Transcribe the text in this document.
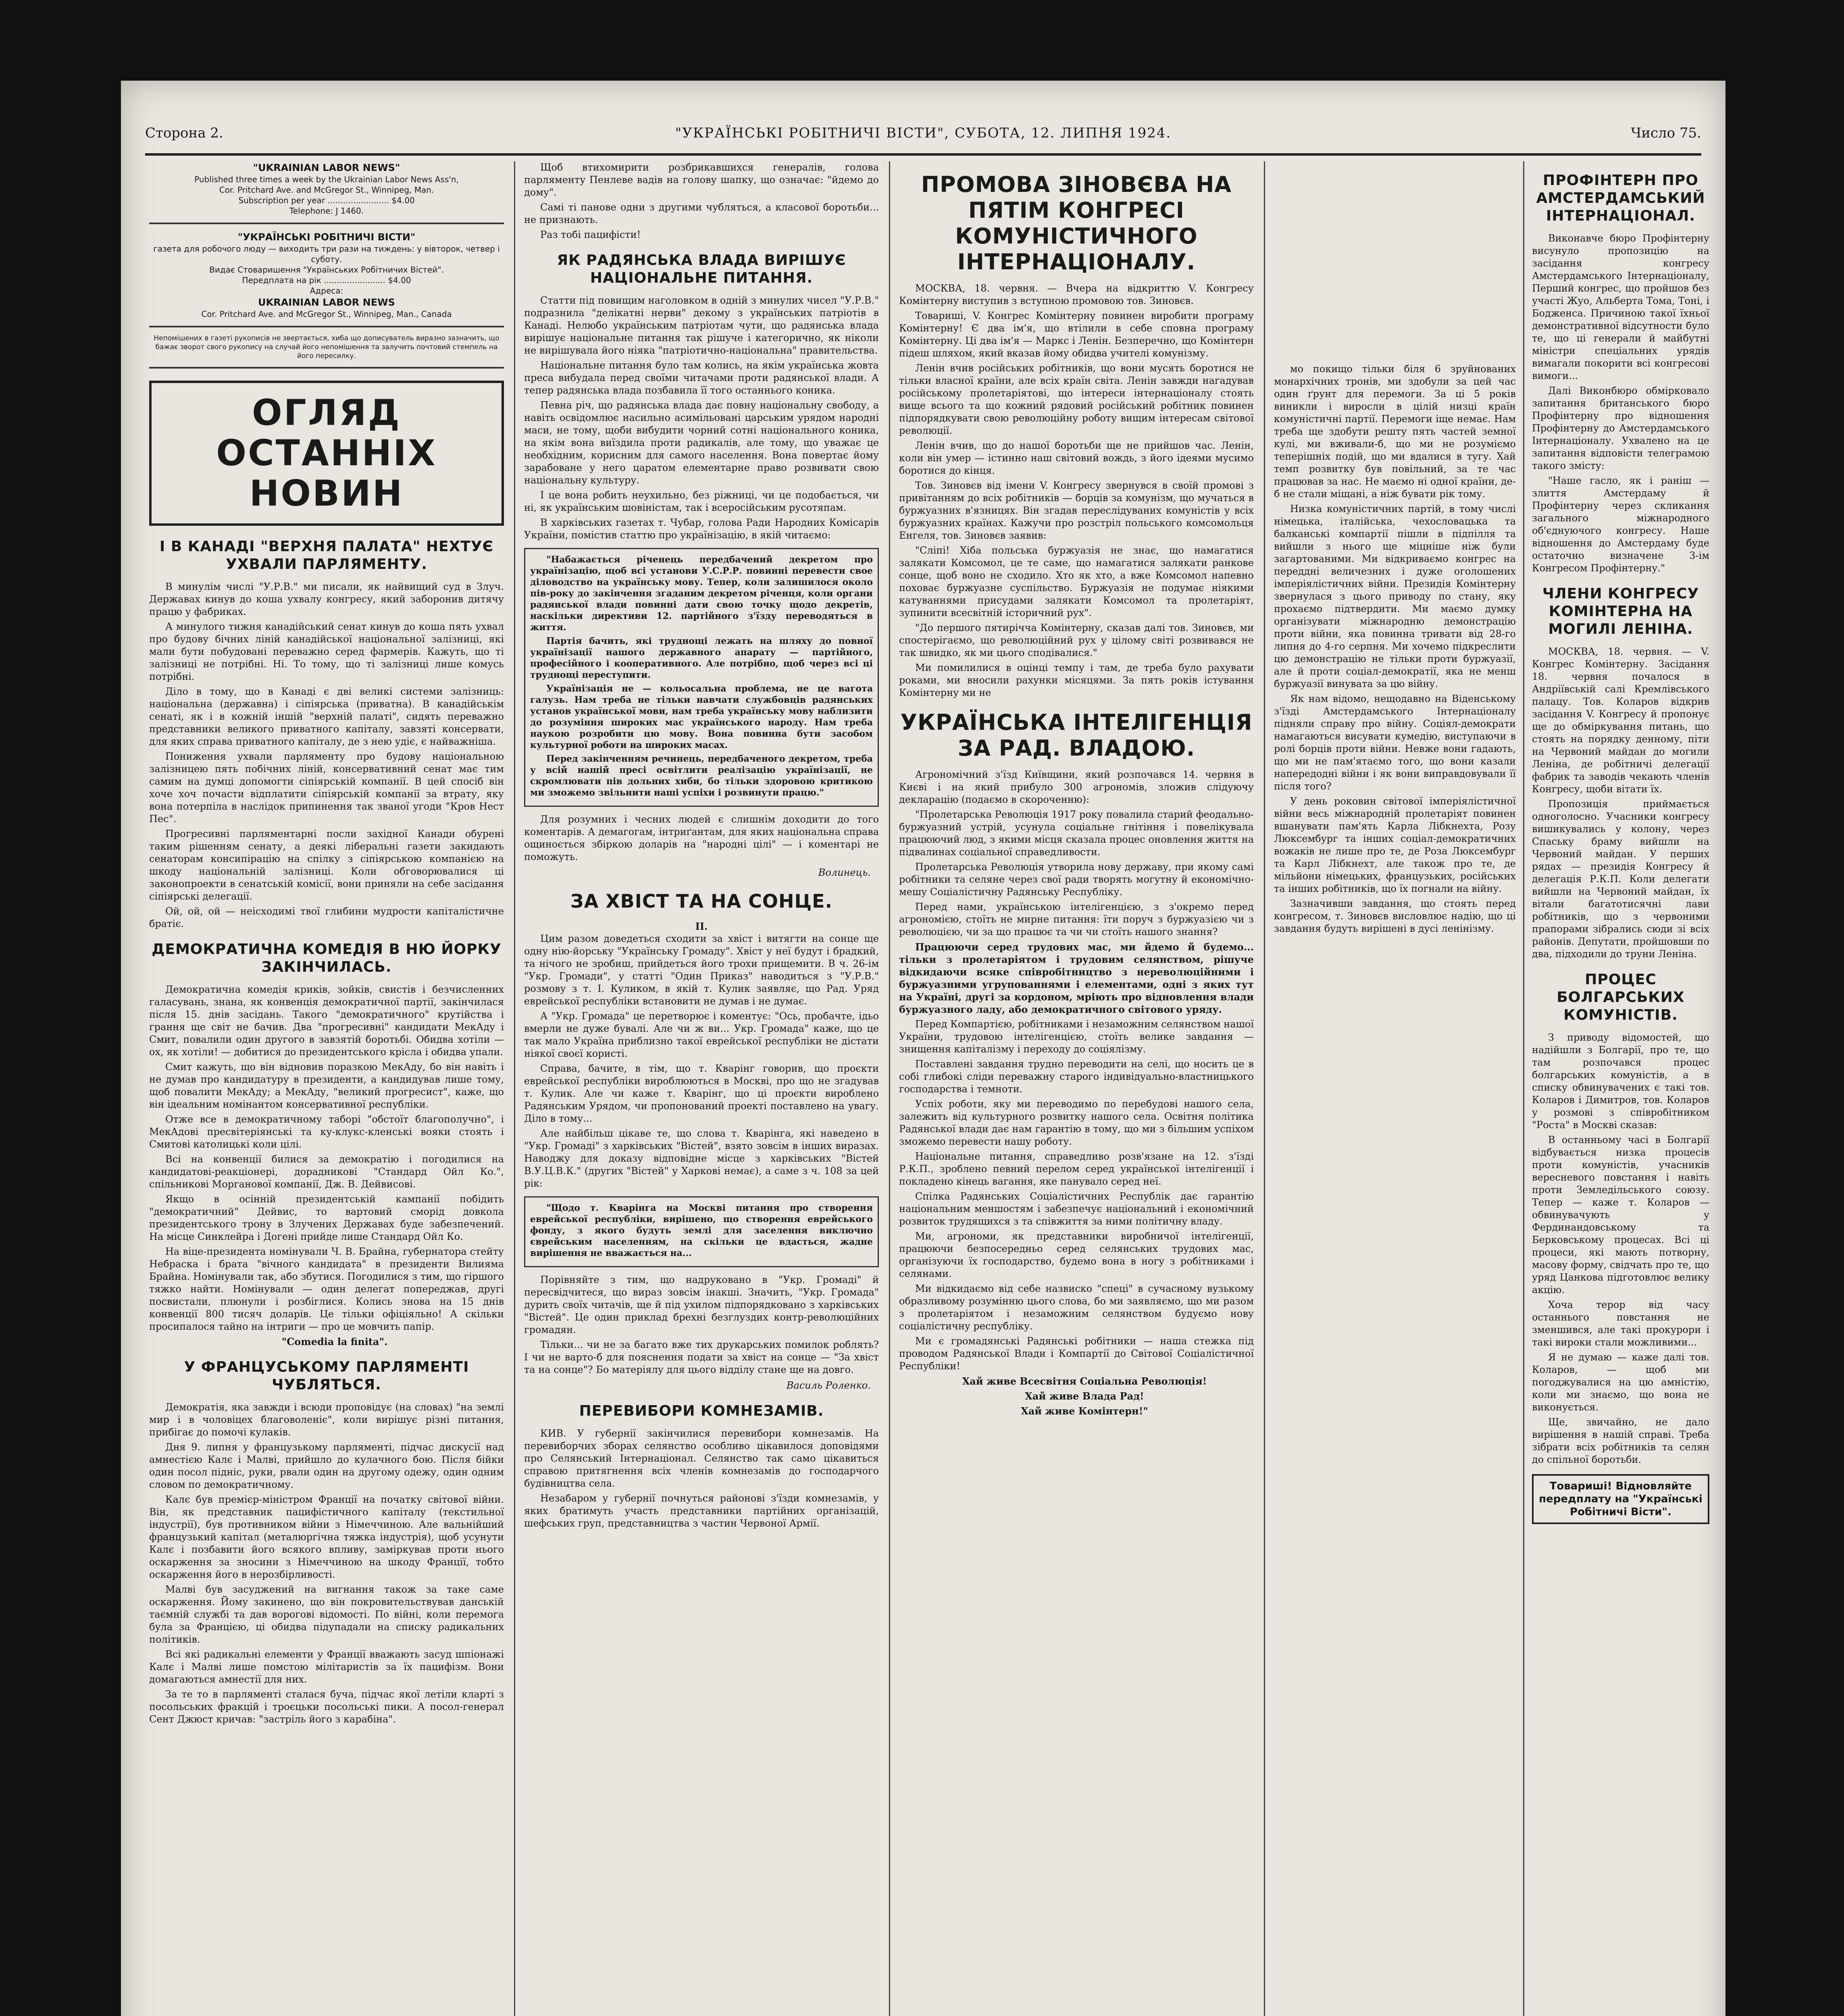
Сторона 2.	"УКРАЇНСЬКІ РОБІТНИЧІ ВІСТИ", СУБОТА, 12. ЛИПНЯ 1924.	Число 75.
"UKRAINIAN LABOR NEWS"
Published three times a week by the Ukrainian Labor News Ass'n,
Cor. Pritchard Ave. and McGregor St., Winnipeg, Man.
Subscription per year ........................ $4.00
Telephone: J 1460.
"УКРАЇНСЬКІ РОБІТНИЧІ ВІСТИ"
газета для робочого люду — виходить три рази на тиждень: у вівторок, четвер і суботу.
Видає Стоваришення "Українських Робітничих Вістей".
Передплата на рік ........................ $4.00
Адреса:
UKRAINIAN LABOR NEWS
Cor. Pritchard Ave. and McGregor St., Winnipeg, Man., Canada
Непомішених в газеті рукописів не звертається, хиба що дописуватель виразно зазначить, що бажає зворот свого рукопису на случай його непомішення та залучить почтовий стемпель на його пересилку.
ОГЛЯД ОСТАННІХ НОВИН
І В КАНАДІ "ВЕРХНЯ ПАЛАТА" НЕХТУЄ УХВАЛИ ПАРЛЯМЕНТУ.

В минулім числі "У.Р.В." ми писали, як найвищий суд в Злуч. Державах кинув до коша ухвалу конгресу, який заборонив дитячу працю у фабриках.

А минулого тижня канадійський сенат кинув до коша пять ухвал про будову бічних ліній канадійської національної залізниці, які мали бути побудовані переважно серед фармерів. Кажуть, що ті залізниці не потрібні. Ні. То тому, що ті залізниці лише комусь потрібні.

Діло в тому, що в Канаді є дві великі системи залізниць: національна (державна) і сіпіярська (приватна). В канадійськім сенаті, як і в кожній іншій "верхній палаті", сидять переважно представники великого приватного капіталу, завзяті консервати, для яких справа приватного капіталу, де з нею удіє, є найважніша.

Пониження ухвали парляменту про будову національною залізницею пять побічних ліній, консервативний сенат має тим самим на думці допомогти сіпіярській компанії. В цей спосіб він хоче хоч почасти відплатити сіпіярській компанії за втрату, яку вона потерпіла в наслідок припинення так званої угоди "Кров Неcт Пес".

Прогресивні парляментарні посли західної Канади обурені таким рішенням сенату, а деякі ліберальні газети закидають сенаторам консипірацію на спілку з сіпіярською компанією на шкоду національній залізниці. Коли обговорювалися ці законопроекти в сенатській комісії, вони приняли на себе засідання сіпіярські делегації.

Ой, ой, ой — неісходимі твої глибини мудрости капіталістичне братіє.

ДЕМОКРАТИЧНА КОМЕДІЯ В НЮ ЙОРКУ ЗАКІНЧИЛАСЬ.

Демократична комедія криків, зойків, свистів і безчисленних галасувань, знана, як конвенція демократичної партії, закінчилася після 15. днів засідань. Такого "демократичного" крутійства і грання ще світ не бачив. Два "прогресивні" кандидати МекАду і Смит, повалили один другого в завзятій боротьбі. Обидва хотіли — ох, як хотіли! — добитися до президентського крісла і обидва упали.

Смит кажуть, що він відновив поразкою МекАду, бо він навіть і не думав про кандидатуру в президенти, а кандидував лише тому, щоб повалити МекАду; а МекАду, "великий прогресист", каже, що він ідеальним номінантом консервативної республіки.

Отже все в демократичному таборі "обстоїт благополучно", і МекАдові пресвітеріянські та ку-клукс-кленські вояки стоять і Смитові католицькі коли цілі.

Всі на конвенції билися за демократію і погодилися на кандидатові-реакціонері, дорадникові "Стандард Ойл Ко.", спільникові Морганової компанії, Дж. В. Дейвисові.

Якщо в осінній президентській кампанії побідить "демократичний" Дейвис, то вартовий сморід довкола президентського трону в Злучених Державах буде забезпечений. На місце Синклейра і Догені прийде лише Стандард Ойл Ко.

На віце-президента номінували Ч. В. Брайна, губернатора стейту Небраска і брата "вічного кандидата" в президенти Вилияма Брайна. Номінували так, або збутися. Погодилися з тим, що гіршого тяжко найти. Номінували — один делегат попереджав, другі посвистали, плюнули і розбіглися. Колись знова на 15 днів конвенції 800 тисяч доларів. Це тільки офіціяльно! А скільки просипалося тайно на інтриги — про це мовчить папір.

"Comedia la finita".

У ФРАНЦУСЬКОМУ ПАРЛЯМЕНТІ ЧУБЛЯТЬСЯ.

Демократія, яка завжди і всюди проповідує (на словах) "на землі мир і в чоловіцех благоволеніє", коли вирішує різні питання, прибігає до помочі кулаків.

Дня 9. липня у французькому парляменті, підчас дискусії над амнестією Калє і Малві, прийшло до кулачного бою. Після бійки один посол підніс, руки, рвали один на другому одежу, один одним словом по демократичному.

Калє був премієр-міністром Франції на початку світової війни. Він, як представник пацифістичного капіталу (текстильної індустрії), був противником війни з Німеччиною. Але вальнійший французький капітал (металюргічна тяжка індустрія), щоб усунути Калє і позбавити його всякого впливу, заміркував проти нього оскарження за зносини з Німеччиною на шкоду Франції, тобто оскарження його в нерозбірливості.

Малві був засуджений на вигнання також за таке саме оскарження. Йому закинено, що він покровительствував данській таємній службі та дав ворогові відомості. По війні, коли перемога була за Францією, ці обидва підупадали на списку радикальних політиків.

Всі які радикальні елементи у Франції вважають засуд шпіонажі Калє і Малві лише помстою мілітаристів за їх пацифізм. Вони домагаються амнестії для них.

За те то в парляменті сталася буча, підчас якої летіли кларті з посольських фракцій і троєцьки посольські пики. А посол-генерал Сент Джюст кричав: "застріль його з карабіна".

Щоб втихомирити розбрикавшихся генералів, голова парляменту Пенлеве вадів на голову шапку, що означає: "йдемо до дому".

Самі ті панове одни з другими чубляться, а класової боротьби... не признають.

Раз тобі пацифісти!

ЯК РАДЯНСЬКА ВЛАДА ВИРІШУЄ НАЦІОНАЛЬНЕ ПИТАННЯ.

Статти під повищим наголовком в одній з минулих чисел "У.Р.В." подразнила "делікатні нерви" декому з українських патріотів в Канаді. Нелюбо українським патріотам чути, що радянська влада вирішує національне питання так рішуче і категорично, як ніколи не вирішувала його ніяка "патріотично-національна" правительства.

Національне питання було там колись, на якім українська жовта преса вибудала перед своїми читачами проти радянської влади. А тепер радянська влада позбавила її того останнього коника.

Певна річ, що радянська влада дає повну національну свободу, а навіть освідомлює насильно асимільовані царським урядом народні маси, не тому, щоби вибудити чорний сотні національного коника, на якім вона виїздила проти радикалів, але тому, що уважає це необхідним, корисним для самого населення. Вона повертає йому зарабоване у него царатом елементарне право розвивати свою національну культуру.

І це вона робить неухильно, без ріжниці, чи це подобається, чи ні, як українським шовіністам, так і всеросійським русотяпам.

В харківських газетах т. Чубар, голова Ради Народних Комісарів України, помістив статтю про українізацію, в якій читаємо:

"Набажається річенець передбачений декретом про українізацію, щоб всі установи У.С.Р.Р. повинні перевести свое діловодство на українську мову. Тепер, коли залишилося около пів-року до закінчення згаданим декретом річенця, коли органи радянської влади повинні дати свою точку щодо декретів, наскільки директиви 12. партійного з'їзду переводяться в життя.

Партія бачить, які труднощі лежать на шляху до повної українізації нашого державного апарату — партійного, професійного і кооперативного. Але потрібно, щоб через всі ці труднощі переступити.

Українізація не — кольосальна проблема, не це вагота галузь. Нам треба не тільки навчати службовців радянських установ української мови, нам треба українську мову наблизити до розуміння широких мас українського народу. Нам треба наукою розробити цю мову. Вона повинна бути засобом культурної роботи на широких масах.

Перед закінченням речинець, передбаченого декретом, треба у всій нашій пресі освітлити реалізацію українізації, не скромлювати пів дольних хиби, бо тільки здоровою критикою ми зможемо звільнити наші успіхи і розвинути працю."

Для розумних і чесних людей є слишнім доходити до того коментарів. А демагогам, інтриґантам, для яких національна справа ощиноється збіркою доларів на "народні цілі" — і коментарі не поможуть.

Волинець.
ЗА ХВІСТ ТА НА СОНЦЕ.
II.

Цим разом доведеться сходити за хвіст і витягти на сонце ще одну нію-йорську "Українську Громаду". Хвіст у неї будут і брадкий, та нічого не зробиш, прийдеться його трохи прищемити. В ч. 26-ім "Укр. Громади", у статті "Один Приказ" наводиться з "У.Р.В." розмову з т. І. Куликом, в якій т. Кулик заявляє, що Рад. Уряд еврейської республіки встановити не думав і не думає.

А "Укр. Громада" це перетворює і коментує: "Ось, пробачте, ідьо вмерли не дуже бувалі. Але чи ж ви... Укр. Громада" каже, що це так мало Україна приблизно такої еврейської республіки не дістати ніякої своєї користі.

Справа, бачите, в тім, що т. Кварінг говорив, що проєкти еврейської республіки вироблюються в Москві, про що не згадував т. Кулик. Але чи каже т. Кварінг, що ці проєкти вироблено Радянським Урядом, чи пропонований проекті поставлено на увагу. Діло в тому...

Але найбільш цікаве те, що слова т. Кварінга, які наведено в "Укр. Громаді" з харківських "Вістей", взято зовсім в інших виразах. Наводжу для доказу відповідне місце з харківських "Вістей В.У.Ц.В.К." (других "Вістей" у Харкові немає), а саме з ч. 108 за цей рік:

"Щодо т. Кварінга на Москві питання про створення еврейської республіки, вирішено, що створення еврейського фонду, з якого будуть землі для заселення виключно єврейським населенням, на скільки це вдасться, жадне вирішення не вважається на...

Порівняйте з тим, що надруковано в "Укр. Громаді" й пересвідчитеся, що вираз зовсім інакші. Значить, "Укр. Громада" дурить своїх читачів, ще й під ухилом підпорядковано з харківських "Вістей". Це один приклад брехні безглуздих контр-революційних громадян.

Тільки... чи не за багато вже тих друкарських помилок роблять? І чи не варто-б для пояснення подати за хвіст на сонце — "За хвіст та на сонце"? Бо матеріялу для цього відділу стане ще на довго.

Василь Роленко.
ПЕРЕВИБОРИ КОМНЕЗАМІВ.

КИВ. У губернії закінчилися перевибори комнезамів. На перевиборчих зборах селянство особливо цікавилося доповідями про Селянський Інтернаціонал. Селянство так само цікавиться справою притягнення всіх членів комнезамів до господарчого будівництва села.

Незабаром у губернії почнуться районові з'їзди комнезамів, у яких братимуть участь представники партійних організацій, шефських груп, представництва з частин Червоної Армії.

ПРОМОВА ЗІНОВЄВА НА ПЯТІМ КОНГРЕСІ КОМУНІСТИЧНОГО ІНТЕРНАЦІОНАЛУ.

МОСКВА, 18. червня. — Вчера на відкриттю V. Конгресу Комінтерну виступив з вступною промовою тов. Зиновєв.

Товариші, V. Конгрес Комінтерну повинен виробити програму Комінтерну! Є два ім'я, що втілили в себе сповна програму Комінтерну. Ці два ім'я — Маркс і Ленін. Безперечно, що Комінтерн підеш шляхом, який вказав йому обидва учителі комунізму.

Ленін вчив російських робітників, що вони мусять боротися не тільки власної країни, але всіх країн світа. Ленін завжди нагадував російському пролетаріятові, що інтереси інтернаціоналу стоять вище всього та що кожний рядовий російський робітник повинен підпорядкувати свою революційну роботу вищим інтересам світової революції.

Ленін вчив, що до нашої боротьби ще не прийшов час. Ленін, коли він умер — істинно наш світовий вождь, з його ідеями мусимо боротися до кінця.

Тов. Зиновєв від імени V. Конгресу звернувся в своїй промові з привітанням до всіх робітників — борців за комунізм, що мучаться в буржуазних в'язницях. Він згадав переслідуваних комуністів у всіх буржуазних країнах. Кажучи про розстріл польського комсомольця Енгеля, тов. Зиновєв заявив:

"Сліпі! Хіба польська буржуазія не знає, що намагатися залякати Комсомол, це те саме, що намагатися залякати ранкове сонце, щоб воно не сходило. Хто як хто, а вже Комсомол напевно поховає буржуазне суспільство. Буржуазія не подумає ніякими катуваннями присудами залякати Комсомол та пролетаріят, зупинити всесвітній історичний рух".

"До першого пятирічча Комінтерну, сказав далі тов. Зиновєв, ми спостерігаємо, що революційний рух у цілому світі розвивався не так швидко, як ми цього сподівалися."

Ми помилилися в оцінці темпу і там, де треба було рахувати роками, ми вносили рахунки місяцями. За пять років істування Комінтерну ми не

УКРАЇНСЬКА ІНТЕЛІГЕНЦІЯ ЗА РАД. ВЛАДОЮ.

Агрономічний з'їзд Київщини, який розпочався 14. червня в Києві і на який прибуло 300 агрономів, зложив слідуючу декларацію (подаємо в скороченню):

"Пролетарська Революція 1917 року повалила старий феодально-буржуазний устрій, усунула соціальне гнітіння і повелікувала працюючий люд, з якими місця сказала процес оновлення життя на підвалинах соціальної справедливости.

Пролетарська Революція утворила нову державу, при якому самі робітники та селяне через свої ради творять могутну й економічно-мешу Соціалістичну Радянську Республіку.

Перед нами, українською інтелігенцією, з з'окремо перед агрономією, стоїть не мирне питання: їти поруч з буржуазією чи з революцією, чи за що працює та чи чи стоїть нашого знання?

Працюючи серед трудових мас, ми йдемо й будемо... тільки з пролетаріятом і трудовим селянством, рішуче відкидаючи всяке співробітництво з нереволюційними і буржуазними угрупованнями і елементами, одні з яких тут на Україні, другі за кордоном, мріють про відновлення влади буржуазного ладу, або демократичного світового уряду.

Перед Компартією, робітниками і незаможним селянством нашої України, трудовою інтелігенцією, стоїть велике завдання — знищення капіталізму і переходу до соціялізму.

Поставлені завдання трудно переводити на селі, що носить це в собі глибокі сліди переважну старого індивідуально-властницького господарства і темноти.

Успіх роботи, яку ми переводимо по перебудові нашого села, залежить від культурного розвитку нашого села. Освітня політика Радянської влади дає нам гарантію в тому, що ми з більшим успіхом зможемо перевести нашу роботу.

Національне питання, справедливо розв'язане на 12. з'їзді Р.К.П., зроблено певний перелом серед української інтелігенції і покладено кінець вагання, яке панувало серед неї.

Спілка Радянських Соціалістичних Республік дає гарантію національним меншостям і забезпечує національний і економічний розвиток трудящихся з та співжиття за ними політичну владу.

Ми, агрономи, як представники виробничої інтелігенції, працюючи безпосередньо серед селянських трудових мас, організуючи їх господарство, будемо вона в ногу з робітниками і селянами.

Ми відкидаємо від себе назвиско "спеці" в сучасному вузькому образливому розумінню цього слова, бо ми заявляємо, що ми разом з пролетаріятом і незаможним селянством будуємо нову соціалістичну республіку.

Ми є громадянські Радянські робітники — наша стежка під проводом Радянської Влади і Компартії до Світової Соціалістичної Республіки!

Хай живе Всесвітня Соціальна Революція!

Хай живе Влада Рад!

Хай живе Комінтерн!"

мо покищо тільки біля 6 зруйнованих монархічних тронів, ми здобули за цей час один ґрунт для перемоги. За ці 5 років виникли і виросли в цілій низці країн комуністичні партії. Перемоги іще немає. Нам треба ще здобути решту пять частей земної кулі, ми вживали-б, що ми не розуміємо теперішніх подій, що ми вдалися в тугу. Хай темп розвитку був повільний, за те час працював за нас. Не маємо ні одної країни, де-б не стали міщані, а ніж бувати рік тому.

Низка комуністичних партій, в тому числі німецька, італійська, чехословацька та балканські компартії пішли в підпілля та вийшли з нього ще міцніше ніж були загартованими. Ми відкриваємо конгрес на переддні величезних і дуже оголошених імперіялістичних війни. Президія Комінтерну звернулася з цього приводу по стану, яку прохаємо підтвердити. Ми маємо думку організувати міжнародню демонстрацію проти війни, яка повинна тривати від 28-го липня до 4-го серпня. Ми хочемо підкреслити цю демонстрацію не тільки проти буржуазії, але й проти соціал-демократії, яка не менш буржуазії винувата за цю війну.

Як нам відомо, нещодавно на Віденському з'їзді Амстердамського Інтернаціоналу підняли справу про війну. Соціял-демократи намагаються висувати кумедію, виступаючи в ролі борців проти війни. Невже вони гадають, що ми не пам'ятаємо того, що вони казали напередодні війни і як вони виправдовували її після того?

У день роковин світової імперіялістичної війни весь міжнародній пролетаріят повинен вшанувати пам'ять Карла Лібкнехта, Розу Люксембург та інших соціал-демократичних вожаків не лише про те, де Роза Люксембург та Карл Лібкнехт, але також про те, де мільйони німецьких, французьких, російських та інших робітників, що їх погнали на війну.

Зазначивши завдання, що стоять перед конгресом, т. Зиновєв висловлює надію, що ці завдання будуть вирішені в дусі ленінізму.

ПРОФІНТЕРН ПРО АМСТЕРДАМСЬКИЙ ІНТЕРНАЦІОНАЛ.

Виконавче бюро Профінтерну висунуло пропозицію на засідання конгресу Амстердамського Інтернаціоналу, Перший конгрес, що пройшов без участі Жуо, Альберта Тома, Тоні, і Бодженса. Причиною такої їхньої демонстративної відсутности було те, що ці генерали й майбутні міністри спеціальних урядів вимагали покорити всі конгресові вимоги...

Далі Виконбюро обмірковало запитання британського бюро Профінтерну про відношення Профінтерну до Амстердамського Інтернаціоналу. Ухвалено на це запитання відповісти телеграмою такого змісту:

"Наше гасло, як і раніш — злиття Амстердаму й Профінтерну через скликання загального міжнародного об'єднуючого конгресу. Наше відношення до Амстердаму буде остаточно визначене 3-ім Конгресом Профінтерну."

ЧЛЕНИ КОНГРЕСУ КОМІНТЕРНА НА МОГИЛІ ЛЕНІНА.

МОСКВА, 18. червня. — V. Конгрес Комінтерну. Засідання 18. червня почалося в Андріївській салі Кремлівського палацу. Тов. Коларов відкрив засідання V. Конгресу й пропонує ще до обміркування питань, що стоять на порядку денному, піти на Червоний майдан до могили Леніна, де робітничі делегації фабрик та заводів чекають членів Конгресу, щоби вітати їх.

Пропозиція приймається одноголосно. Учасники конгресу вишикувались у колону, через Спаську браму вийшли на Червоний майдан. У перших рядах — президія Конгресу й делегація Р.К.П. Коли делегати вийшли на Червоний майдан, їх вітали багатотисячні лави робітників, що з червоними прапорами зібрались сюди зі всіх районів. Депутати, пройшовши по два, підходили до труни Леніна.

ПРОЦЕС БОЛГАРСЬКИХ КОМУНІСТІВ.

З приводу відомостей, що надійшли з Болгарії, про те, що там розпочався процес болгарських комуністів, а в списку обвинувачених є такі тов. Коларов і Димитров, тов. Коларов у розмові з співробітником "Роста" в Москві сказав:

В останньому часі в Болгарії відбувається низка процесів проти комуністів, учасників вересневого повстання і навіть проти Земледільського союзу. Тепер — каже т. Коларов — обвинувачують у Фердинандовському та Берковському процесах. Всі ці процеси, які мають потворну, масову форму, свідчать про те, що уряд Цанкова підготовлює велику акцію.

Хоча терор від часу останнього повстання не зменшився, але такі прокурори і такі вироки стали можливими...

Я не думаю — каже далі тов. Коларов, — щоб ми погоджувалися на цю амністію, коли ми знаємо, що вона не виконується.

Ще, звичайно, не дало вирішення в нашій справі. Треба зібрати всіх робітників та селян до спільної боротьби.

Товариші! Відновляйте передплату на "Українські Робітничі Вісти".
